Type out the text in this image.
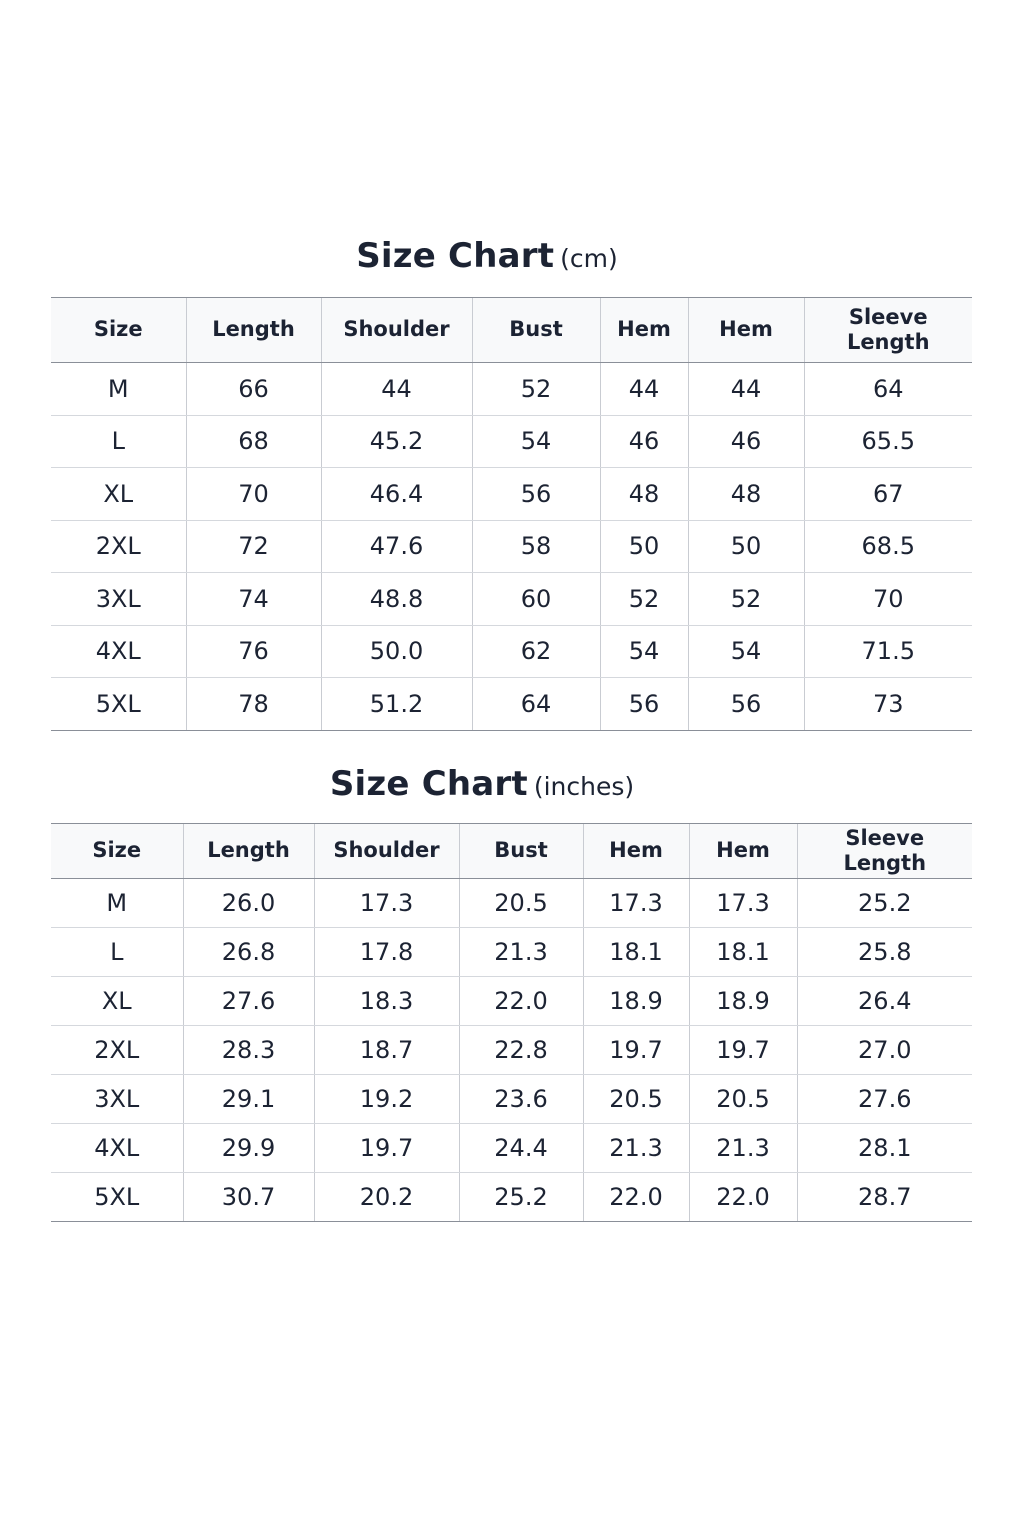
Size Chart (cm)
Size	Length	Shoulder	Bust	Hem	Hem	Sleeve
Length
M	66	44	52	44	44	64
L	68	45.2	54	46	46	65.5
XL	70	46.4	56	48	48	67
2XL	72	47.6	58	50	50	68.5
3XL	74	48.8	60	52	52	70
4XL	76	50.0	62	54	54	71.5
5XL	78	51.2	64	56	56	73
Size Chart (inches)
Size	Length	Shoulder	Bust	Hem	Hem	Sleeve
Length
M	26.0	17.3	20.5	17.3	17.3	25.2
L	26.8	17.8	21.3	18.1	18.1	25.8
XL	27.6	18.3	22.0	18.9	18.9	26.4
2XL	28.3	18.7	22.8	19.7	19.7	27.0
3XL	29.1	19.2	23.6	20.5	20.5	27.6
4XL	29.9	19.7	24.4	21.3	21.3	28.1
5XL	30.7	20.2	25.2	22.0	22.0	28.7
